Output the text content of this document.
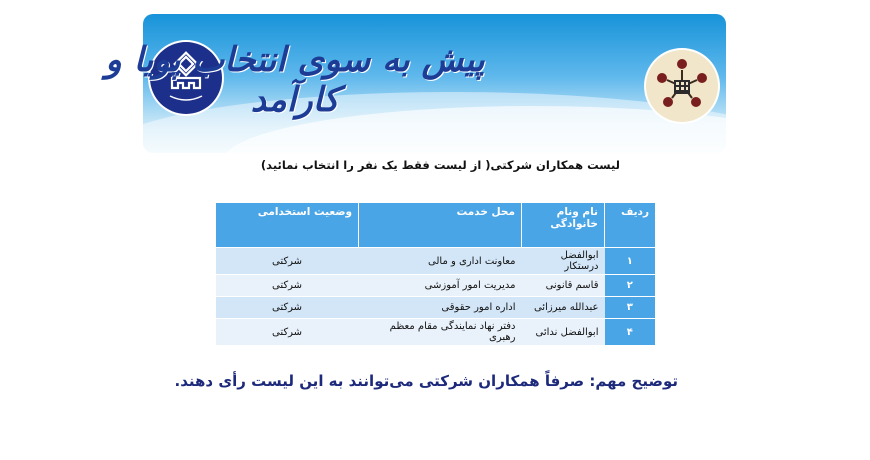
پیش به سوی انتخاب پویا و کارآمد
لیست همکاران شرکتی( از لیست فقط یک نفر را انتخاب نمائید)
ردیف	نام ونام خانوادگی	محل خدمت	وضعیت استخدامی
۱	ابوالفضل درستکار	معاونت اداری و مالی	شرکتی
۲	قاسم قانونی	مدیریت امور آموزشی	شرکتی
۳	عبدالله میرزائی	اداره امور حقوقی	شرکتی
۴	ابوالفضل ندائی	دفتر نهاد نمایندگی مقام معظم رهبری	شرکتی
توضیح مهم: صرفاً همکاران شرکتی می‌توانند به این لیست رأی دهند.
